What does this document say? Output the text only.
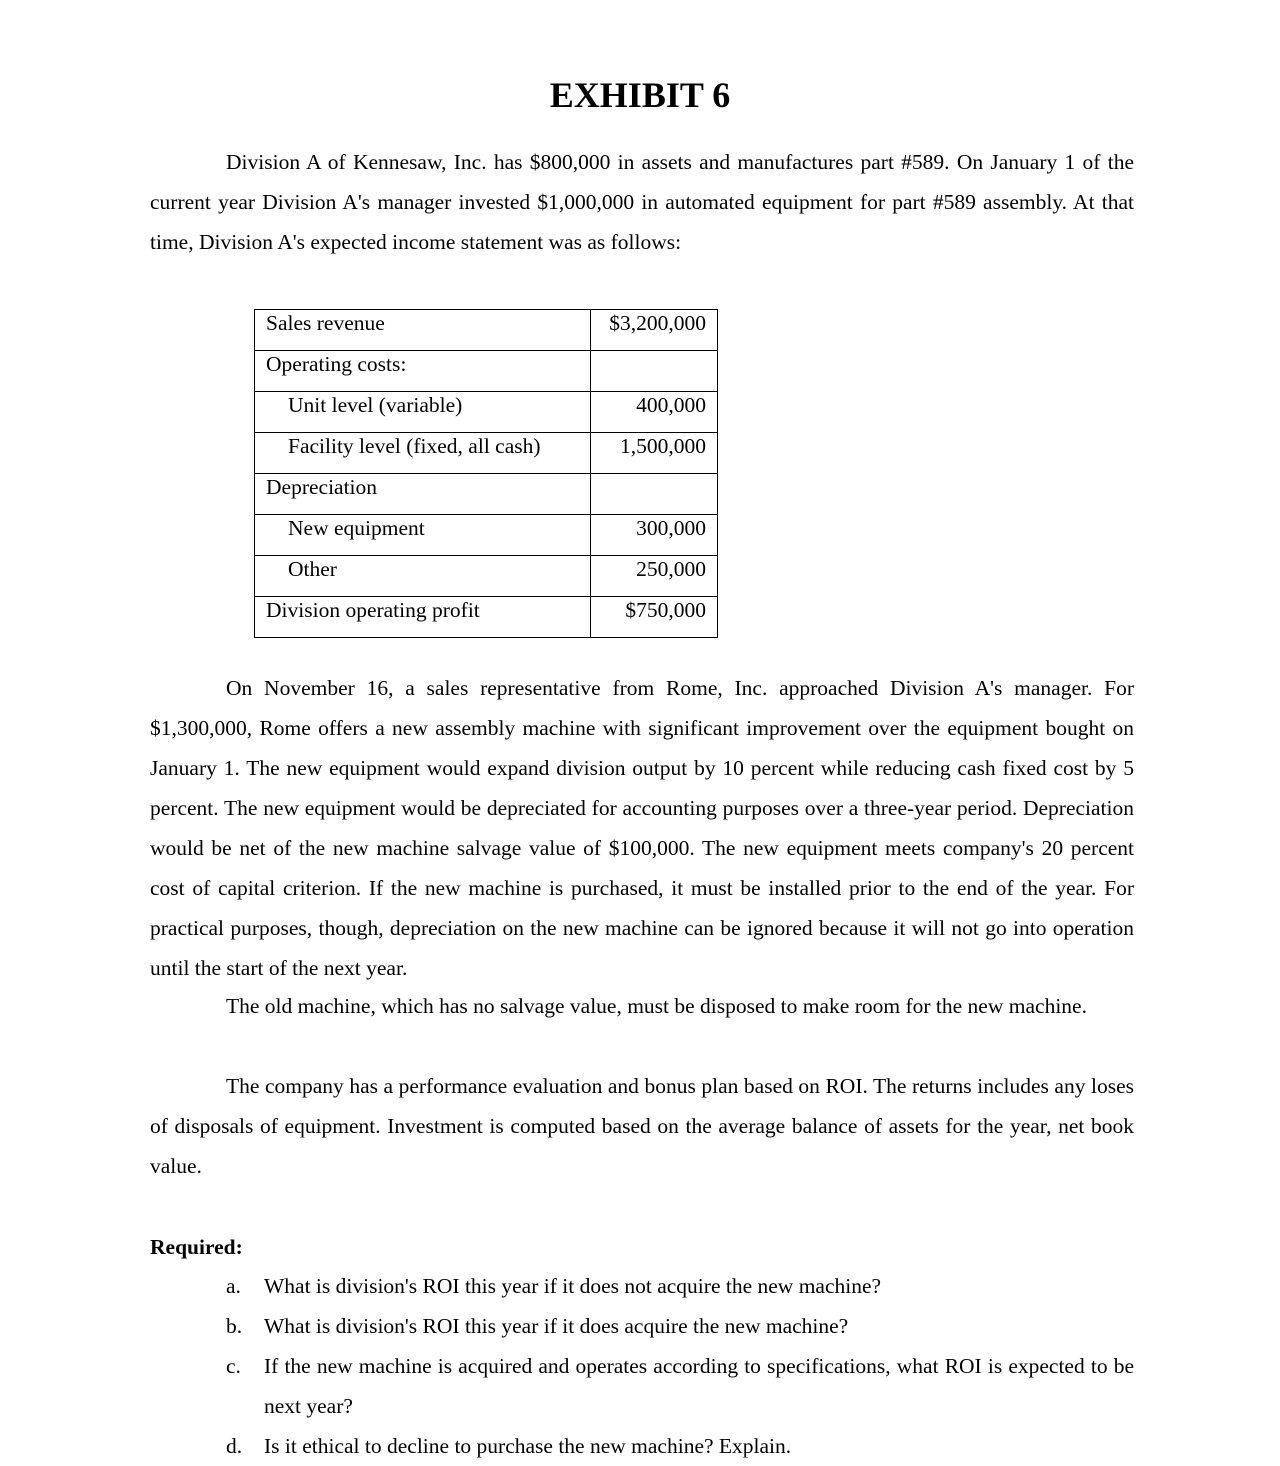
EXHIBIT 6

Division A of Kennesaw, Inc. has $800,000 in assets and manufactures part #589. On January 1 of the current year Division A's manager invested $1,000,000 in automated equipment for part #589 assembly. At that time, Division A's expected income statement was as follows:

Sales revenue	$3,200,000
Operating costs:	
Unit level (variable)	400,000
Facility level (fixed, all cash)	1,500,000
Depreciation	
New equipment	300,000
Other	250,000
Division operating profit	$750,000

On November 16, a sales representative from Rome, Inc. approached Division A's manager. For $1,300,000, Rome offers a new assembly machine with significant improvement over the equipment bought on January 1. The new equipment would expand division output by 10 percent while reducing cash fixed cost by 5 percent. The new equipment would be depreciated for accounting purposes over a three-year period. Depreciation would be net of the new machine salvage value of $100,000. The new equipment meets company's 20 percent cost of capital criterion. If the new machine is purchased, it must be installed prior to the end of the year. For practical purposes, though, depreciation on the new machine can be ignored because it will not go into operation until the start of the next year.

The old machine, which has no salvage value, must be disposed to make room for the new machine.

The company has a performance evaluation and bonus plan based on ROI. The returns includes any loses of disposals of equipment. Investment is computed based on the average balance of assets for the year, net book value.

Required:
a.	What is division's ROI this year if it does not acquire the new machine?
b.	What is division's ROI this year if it does acquire the new machine?
c.	If the new machine is acquired and operates according to specifications, what ROI is expected to be next year?
d.	Is it ethical to decline to purchase the new machine? Explain.
